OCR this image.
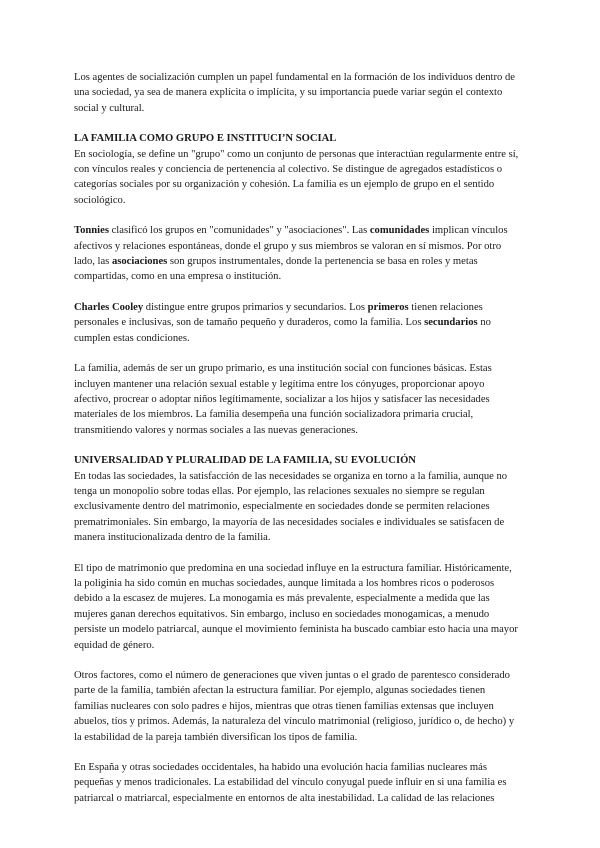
Los agentes de socialización cumplen un papel fundamental en la formación de los individuos dentro de una sociedad, ya sea de manera explícita o implícita, y su importancia puede variar según el contexto social y cultural.

LA FAMILIA COMO GRUPO E INSTITUCI’N SOCIAL

En sociología, se define un "grupo" como un conjunto de personas que interactúan regularmente entre sí, con vínculos reales y conciencia de pertenencia al colectivo. Se distingue de agregados estadísticos o categorías sociales por su organización y cohesión. La familia es un ejemplo de grupo en el sentido sociológico.

Tonnies clasificó los grupos en "comunidades" y "asociaciones". Las comunidades implican vínculos afectivos y relaciones espontáneas, donde el grupo y sus miembros se valoran en sí mismos. Por otro lado, las asociaciones son grupos instrumentales, donde la pertenencia se basa en roles y metas compartidas, como en una empresa o institución.

Charles Cooley distingue entre grupos primarios y secundarios. Los primeros tienen relaciones personales e inclusivas, son de tamaño pequeño y duraderos, como la familia. Los secundarios no cumplen estas condiciones.

La familia, además de ser un grupo primario, es una institución social con funciones básicas. Estas incluyen mantener una relación sexual estable y legítima entre los cónyuges, proporcionar apoyo afectivo, procrear o adoptar niños legítimamente, socializar a los hijos y satisfacer las necesidades materiales de los miembros. La familia desempeña una función socializadora primaria crucial, transmitiendo valores y normas sociales a las nuevas generaciones.

UNIVERSALIDAD Y PLURALIDAD DE LA FAMILIA, SU EVOLUCIÓN

En todas las sociedades, la satisfacción de las necesidades se organiza en torno a la familia, aunque no tenga un monopolio sobre todas ellas. Por ejemplo, las relaciones sexuales no siempre se regulan exclusivamente dentro del matrimonio, especialmente en sociedades donde se permiten relaciones prematrimoniales. Sin embargo, la mayoría de las necesidades sociales e individuales se satisfacen de manera institucionalizada dentro de la familia.

El tipo de matrimonio que predomina en una sociedad influye en la estructura familiar. Históricamente, la poliginia ha sido común en muchas sociedades, aunque limitada a los hombres ricos o poderosos debido a la escasez de mujeres. La monogamia es más prevalente, especialmente a medida que las mujeres ganan derechos equitativos. Sin embargo, incluso en sociedades monogamicas, a menudo persiste un modelo patriarcal, aunque el movimiento feminista ha buscado cambiar esto hacia una mayor equidad de género.

Otros factores, como el número de generaciones que viven juntas o el grado de parentesco considerado parte de la familia, también afectan la estructura familiar. Por ejemplo, algunas sociedades tienen familias nucleares con solo padres e hijos, mientras que otras tienen familias extensas que incluyen abuelos, tíos y primos. Además, la naturaleza del vínculo matrimonial (religioso, jurídico o, de hecho) y la estabilidad de la pareja también diversifican los tipos de familia.

En España y otras sociedades occidentales, ha habido una evolución hacia familias nucleares más pequeñas y menos tradicionales. La estabilidad del vínculo conyugal puede influir en si una familia es patriarcal o matriarcal, especialmente en entornos de alta inestabilidad. La calidad de las relaciones
